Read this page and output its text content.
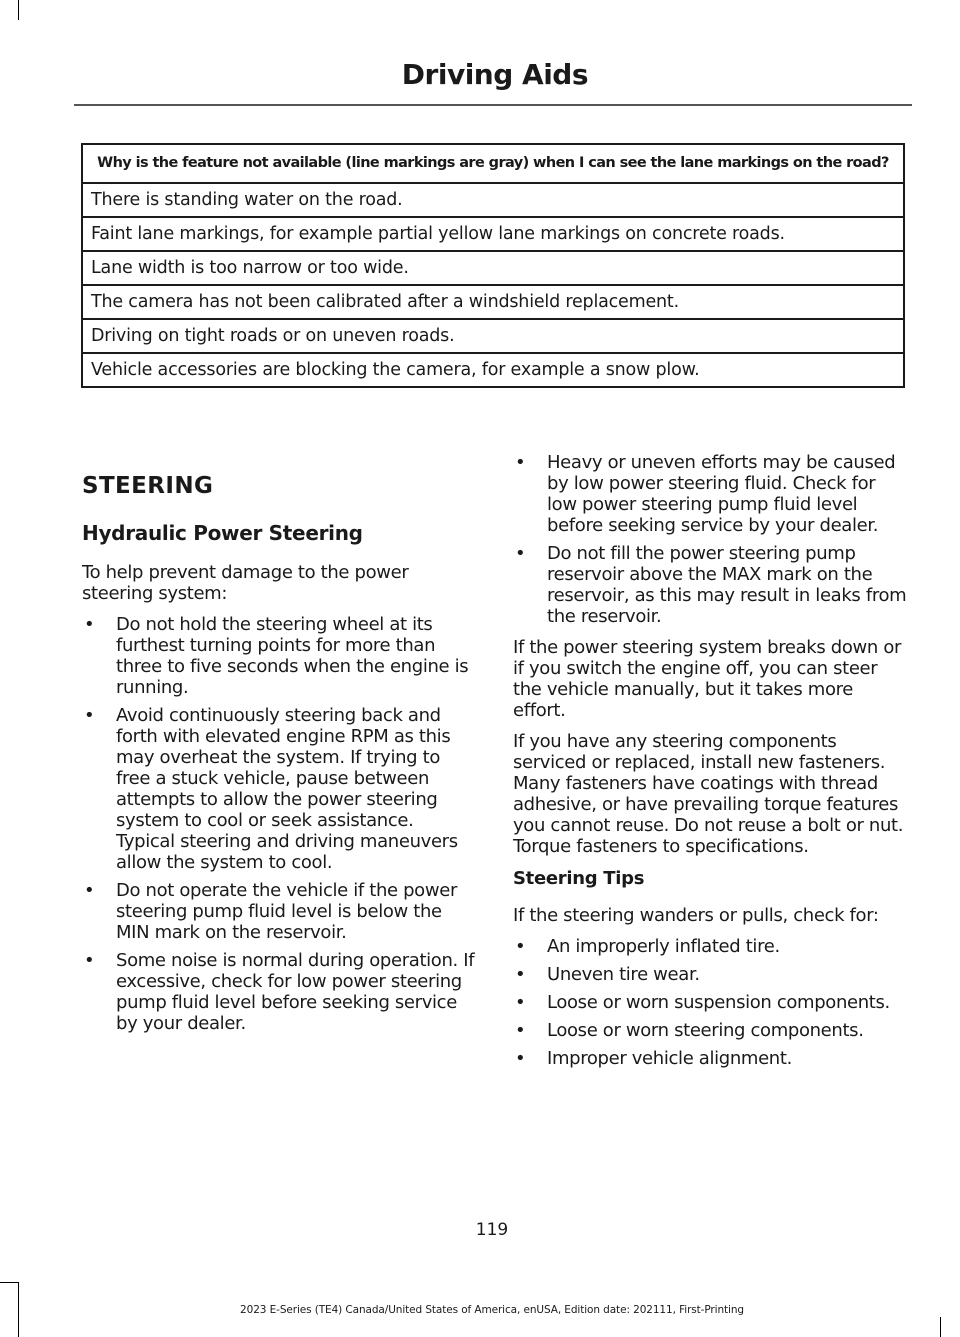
Driving Aids
Why is the feature not available (line markings are gray) when I can see the lane markings on the road?
There is standing water on the road.
Faint lane markings, for example partial yellow lane markings on concrete roads.
Lane width is too narrow or too wide.
The camera has not been calibrated after a windshield replacement.
Driving on tight roads or on uneven roads.
Vehicle accessories are blocking the camera, for example a snow plow.
STEERING
Hydraulic Power Steering

To help prevent damage to the power steering system:

• Do not hold the steering wheel at its furthest turning points for more than three to five seconds when the engine is running.
• Avoid continuously steering back and forth with elevated engine RPM as this may overheat the system. If trying to free a stuck vehicle, pause between attempts to allow the power steering system to cool or seek assistance. Typical steering and driving maneuvers allow the system to cool.
• Do not operate the vehicle if the power steering pump fluid level is below the MIN mark on the reservoir.
• Some noise is normal during operation. If excessive, check for low power steering pump fluid level before seeking service by your dealer.
• Heavy or uneven efforts may be caused by low power steering fluid. Check for low power steering pump fluid level before seeking service by your dealer.
• Do not fill the power steering pump reservoir above the MAX mark on the reservoir, as this may result in leaks from the reservoir.

If the power steering system breaks down or if you switch the engine off, you can steer the vehicle manually, but it takes more effort.

If you have any steering components serviced or replaced, install new fasteners. Many fasteners have coatings with thread adhesive, or have prevailing torque features you cannot reuse. Do not reuse a bolt or nut. Torque fasteners to specifications.

Steering Tips

If the steering wanders or pulls, check for:

• An improperly inflated tire.
• Uneven tire wear.
• Loose or worn suspension components.
• Loose or worn steering components.
• Improper vehicle alignment.
119
2023 E-Series (TE4) Canada/United States of America, enUSA, Edition date: 202111, First-Printing
